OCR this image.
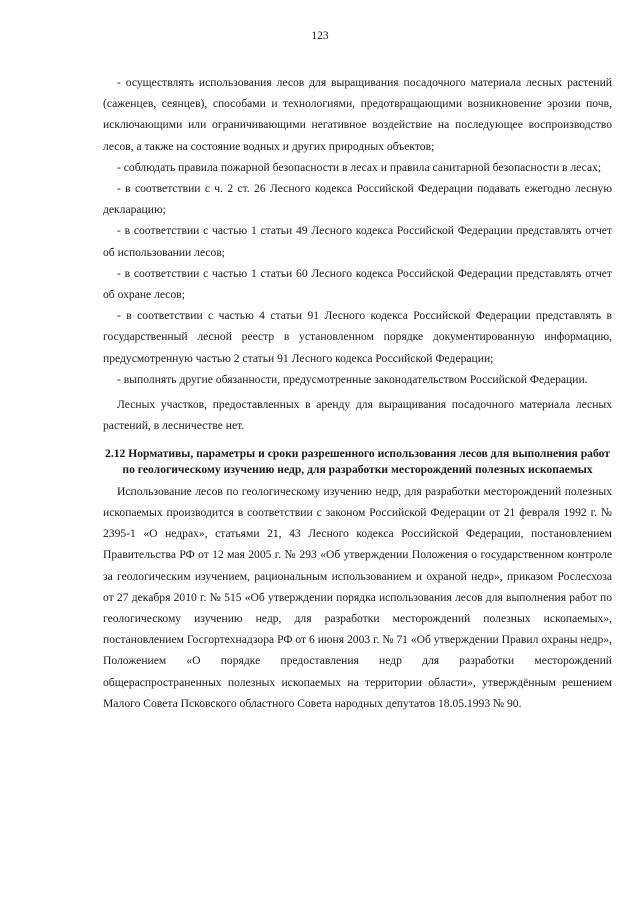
123

- осуществлять использования лесов для выращивания посадочного материала лесных растений (саженцев, сеянцев), способами и технологиями, предотвращающими возникновение эрозии почв, исключающими или ограничивающими негативное воздействие на последующее воспроизводство лесов, а также на состояние водных и других природных объектов;

- соблюдать правила пожарной безопасности в лесах и правила санитарной безопасности в лесах;

- в соответствии с ч. 2 ст. 26 Лесного кодекса Российской Федерации подавать ежегодно лесную декларацию;

- в соответствии с частью 1 статьи 49 Лесного кодекса Российской Федерации представлять отчет об использовании лесов;

- в соответствии с частью 1 статьи 60 Лесного кодекса Российской Федерации представлять отчет об охране лесов;

- в соответствии с частью 4 статьи 91 Лесного кодекса Российской Федерации представлять в государственный лесной реестр в установленном порядке документированную информацию, предусмотренную частью 2 статьи 91 Лесного кодекса Российской Федерации;

- выполнять другие обязанности, предусмотренные законодательством Российской Федерации.

Лесных участков, предоставленных в аренду для выращивания посадочного материала лесных растений, в лесничестве нет.

2.12 Нормативы, параметры и сроки разрешенного использования лесов для выполнения работ по геологическому изучению недр, для разработки месторождений полезных ископаемых

Использование лесов по геологическому изучению недр, для разработки месторождений полезных ископаемых производится в соответствии с законом Российской Федерации от 21 февраля 1992 г. № 2395-1 «О недрах», статьями 21, 43 Лесного кодекса Российской Федерации, постановлением Правительства РФ от 12 мая 2005 г. № 293 «Об утверждении Положения о государственном контроле за геологическим изучением, рациональным использованием и охраной недр», приказом Рослесхоза от 27 декабря 2010 г. № 515 «Об утверждении порядка использования лесов для выполнения работ по геологическому изучению недр, для разработки месторождений полезных ископаемых», постановлением Госгортехнадзора РФ от 6 июня 2003 г. № 71 «Об утверждении Правил охраны недр», Положением «О порядке предоставления недр для разработки месторождений общераспространенных полезных ископаемых на территории области», утверждённым решением Малого Совета Псковского областного Совета народных депутатов 18.05.1993 № 90.
